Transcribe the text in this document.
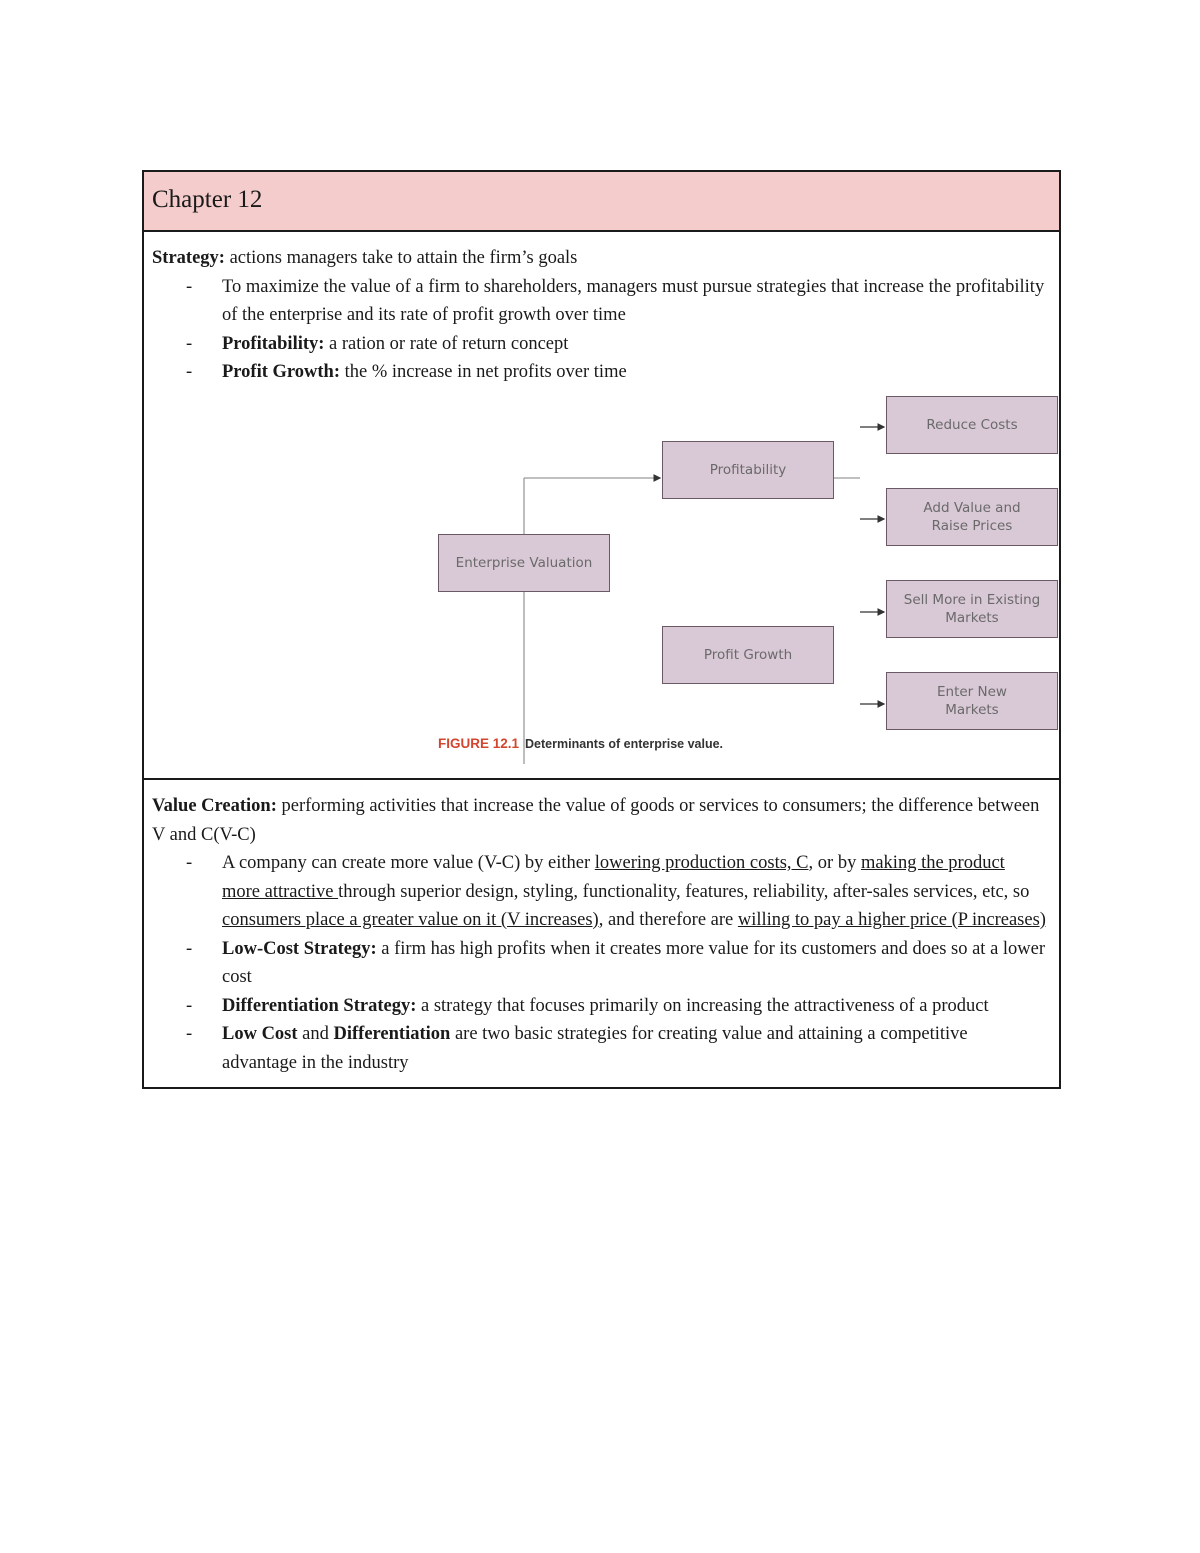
Chapter 12
Strategy: actions managers take to attain the firm’s goals
- To maximize the value of a firm to shareholders, managers must pursue strategies that increase the profitability of the enterprise and its rate of profit growth over time
- Profitability: a ration or rate of return concept
- Profit Growth: the % increase in net profits over time
Value Creation: performing activities that increase the value of goods or services to consumers; the difference between V and C(V-C)
- A company can create more value (V-C) by either lowering production costs, C, or by making the product more attractive through superior design, styling, functionality, features, reliability, after-sales services, etc, so consumers place a greater value on it (V increases), and therefore are willing to pay a higher price (P increases)
- Low-Cost Strategy: a firm has high profits when it creates more value for its customers and does so at a lower cost
- Differentiation Strategy: a strategy that focuses primarily on increasing the attractiveness of a product
- Low Cost and Differentiation are two basic strategies for creating value and attaining a competitive advantage in the industry
Enterprise Valuation
Profitability
Profit Growth
Reduce Costs
Add Value and Raise Prices
Sell More in Existing Markets
Enter New Markets
FIGURE 12.1 Determinants of enterprise value.
